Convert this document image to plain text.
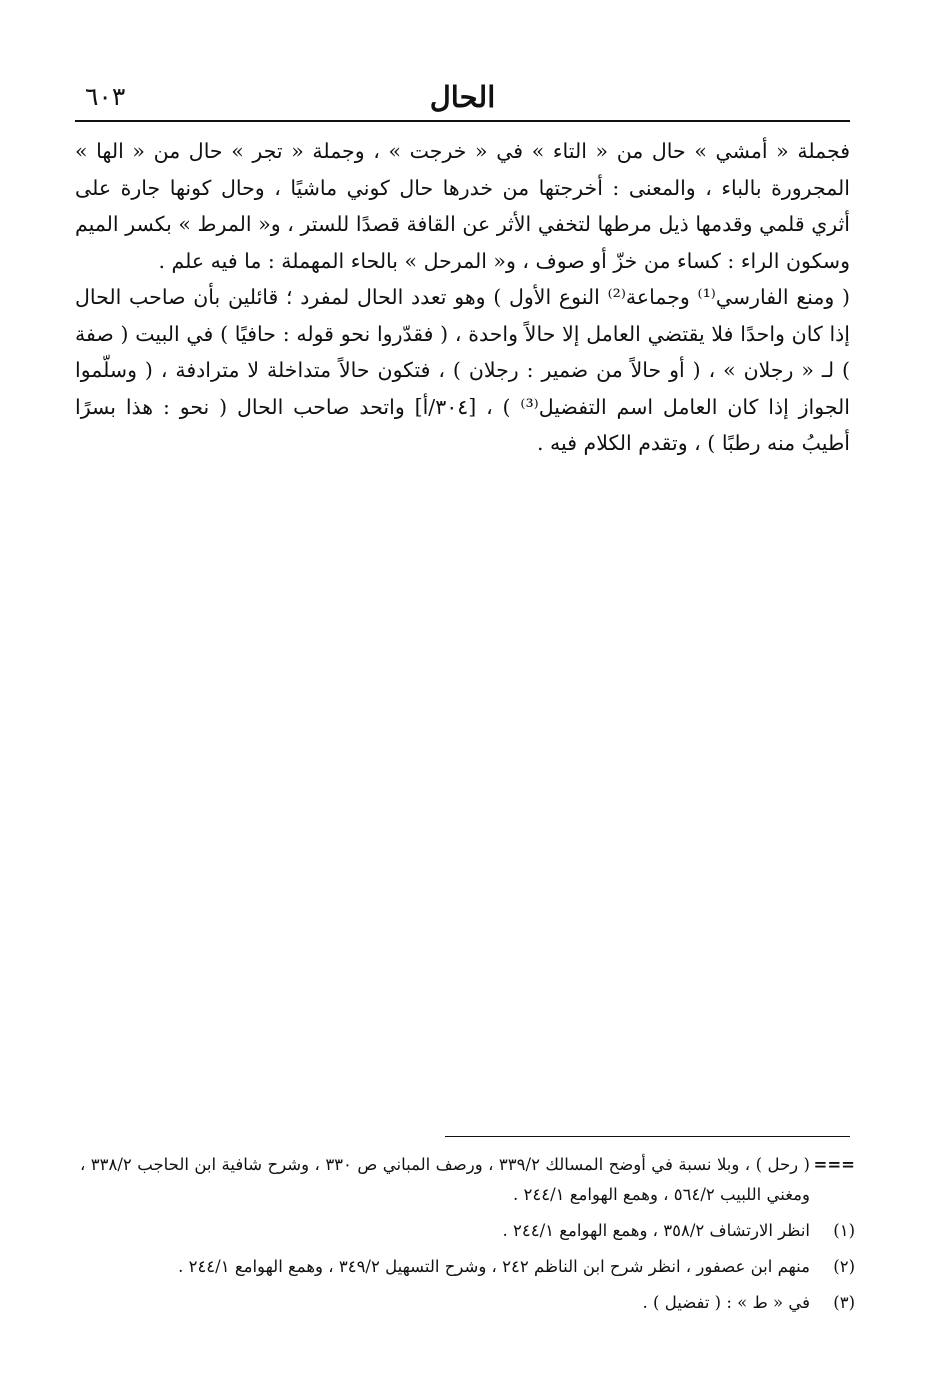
الحال
٦٠٣

فجملة « أمشي » حال من « التاء » في « خرجت » ، وجملة « تجر » حال من « الها » المجرورة بالباء ، والمعنى : أخرجتها من خدرها حال كوني ماشيًا ، وحال كونها جارة على أثري قلمي وقدمها ذيل مرطها لتخفي الأثر عن القافة قصدًا للستر ، و« المرط » بكسر الميم وسكون الراء : كساء من خزّ أو صوف ، و« المرحل » بالحاء المهملة : ما فيه علم .

( ومنع الفارسي⁽¹⁾ وجماعة⁽²⁾ النوع الأول ) وهو تعدد الحال لمفرد ؛ قائلين بأن صاحب الحال إذا كان واحدًا فلا يقتضي العامل إلا حالاً واحدة ، ( فقدّروا نحو قوله : حافيًا ) في البيت ( صفة ) لـ « رجلان » ، ( أو حالاً من ضمير : رجلان ) ، فتكون حالاً متداخلة لا مترادفة ، ( وسلّموا الجواز إذا كان العامل اسم التفضيل⁽³⁾ ) ، [٣٠٤/أ] واتحد صاحب الحال ( نحو : هذا بسرًا أطيبُ منه رطبًا ) ، وتقدم الكلام فيه .

===
( رحل ) ، وبلا نسبة في أوضح المسالك ٣٣٩/٢ ، ورصف المباني ص ٣٣٠ ، وشرح شافية ابن الحاجب ٣٣٨/٢ ، ومغني اللبيب ٥٦٤/٢ ، وهمع الهوامع ٢٤٤/١ .
(١)
انظر الارتشاف ٣٥٨/٢ ، وهمع الهوامع ٢٤٤/١ .
(٢)
منهم ابن عصفور ، انظر شرح ابن الناظم ٢٤٢ ، وشرح التسهيل ٣٤٩/٢ ، وهمع الهوامع ٢٤٤/١ .
(٣)
في « ط » : ( تفضيل ) .
